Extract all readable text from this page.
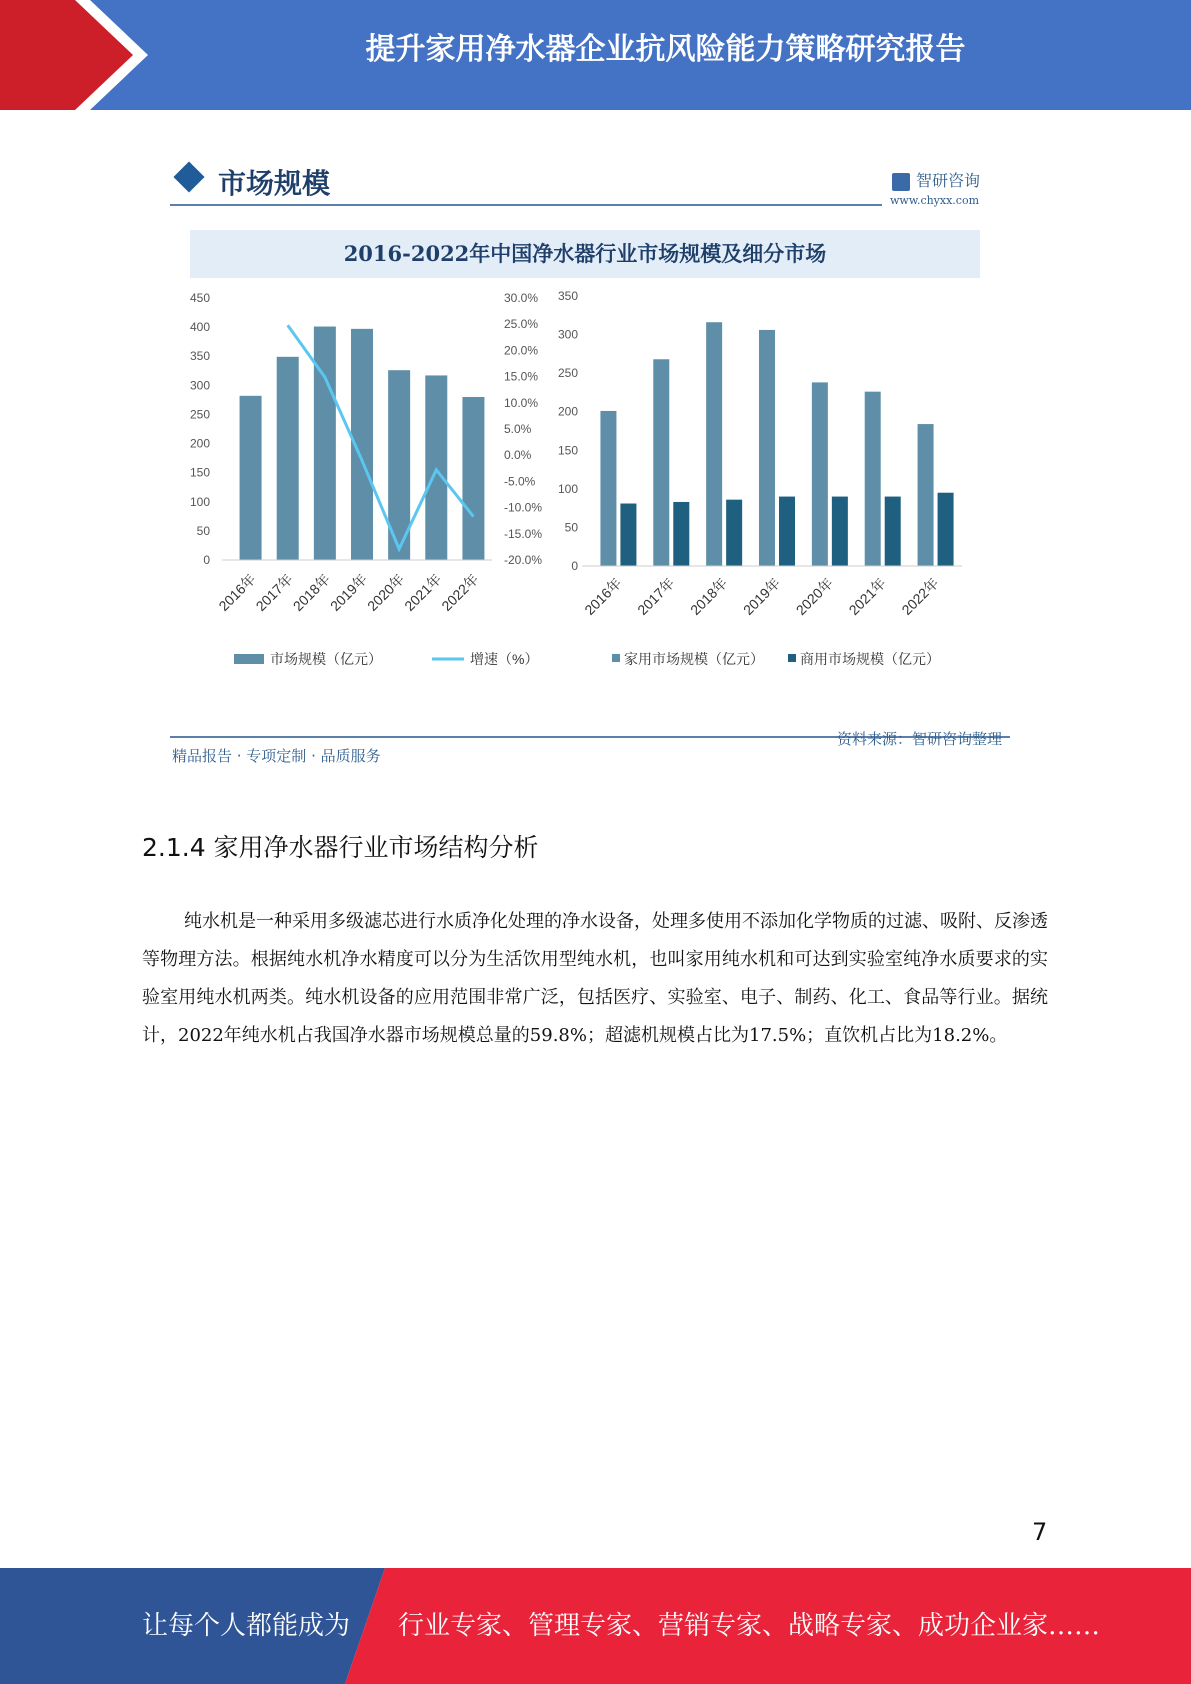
提升家用净水器企业抗风险能力策略研究报告
市场规模	智研咨询
www.chyxx.com
2016-2022年中国净水器行业市场规模及细分市场
0
50
100
150
200
250
300
350
400
450
-20.0%
-15.0%
-10.0%
-5.0%
0.0%
5.0%
10.0%
15.0%
20.0%
25.0%
30.0%
2016年
2017年
2018年
2019年
2020年
2021年
2022年
市场规模（亿元）	增速（%）
0
50
100
150
200
250
300
350
2016年 2017年 2018年 2019年 2020年 2021年 2022年
家用市场规模（亿元）	商用市场规模（亿元）
精品报告 · 专项定制 · 品质服务
资料来源：智研咨询整理
2.1.4 家用净水器行业市场结构分析
纯水机是一种采用多级滤芯进行水质净化处理的净水设备，处理多使用不添加化学物质的过滤、吸附、反渗透等物理方法。根据纯水机净水精度可以分为生活饮用型纯水机，也叫家用纯水机和可达到实验室纯净水质要求的实验室用纯水机两类。纯水机设备的应用范围非常广泛，包括医疗、实验室、电子、制药、化工、食品等行业。据统计，2022年纯水机占我国净水器市场规模总量的59.8%；超滤机规模占比为17.5%；直饮机占比为18.2%。
7
让每个人都能成为 行业专家、管理专家、营销专家、战略专家、成功企业家……
